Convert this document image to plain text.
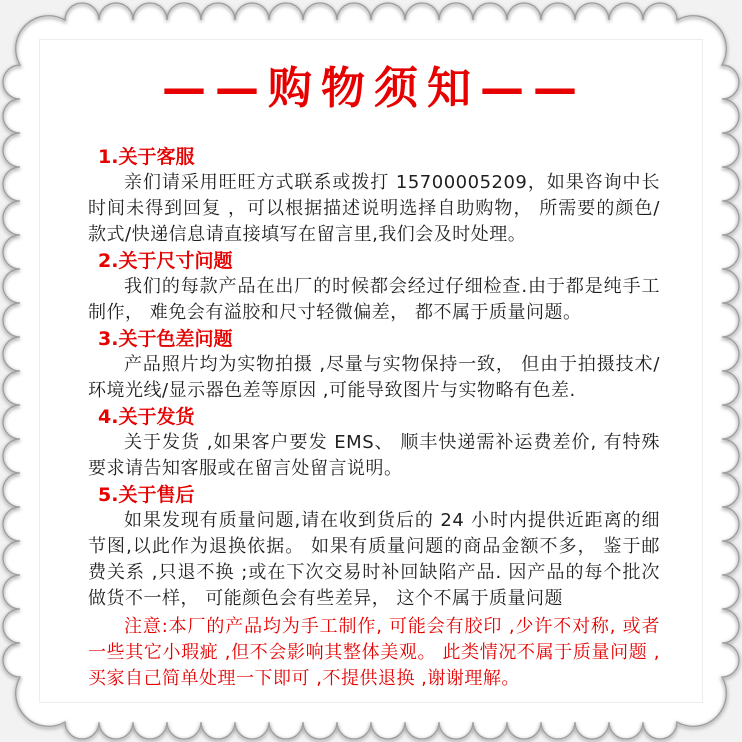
——购物须知——
1.关于客服

亲们请采用旺旺方式联系或拨打 15700005209，如果咨询中长时间未得到回复 ，可以根据描述说明选择自助购物， 所需要的颜色/款式/快递信息请直接填写在留言里,我们会及时处理。

2.关于尺寸问题

我们的每款产品在出厂的时候都会经过仔细检查.由于都是纯手工制作， 难免会有溢胶和尺寸轻微偏差， 都不属于质量问题。

3.关于色差问题

产品照片均为实物拍摄 ,尽量与实物保持一致， 但由于拍摄技术/环境光线/显示器色差等原因 ,可能导致图片与实物略有色差.

4.关于发货

关于发货 ,如果客户要发 EMS、 顺丰快递需补运费差价, 有特殊要求请告知客服或在留言处留言说明。

5.关于售后

如果发现有质量问题,请在收到货后的 24 小时内提供近距离的细节图,以此作为退换依据。 如果有质量问题的商品金额不多， 鉴于邮费关系 ,只退不换 ;或在下次交易时补回缺陷产品. 因产品的每个批次做货不一样， 可能颜色会有些差异， 这个不属于质量问题

注意:本厂的产品均为手工制作, 可能会有胶印 ,少许不对称, 或者一些其它小瑕疵 ,但不会影响其整体美观。 此类情况不属于质量问题 ,买家自己简单处理一下即可 ,不提供退换 ,谢谢理解。
